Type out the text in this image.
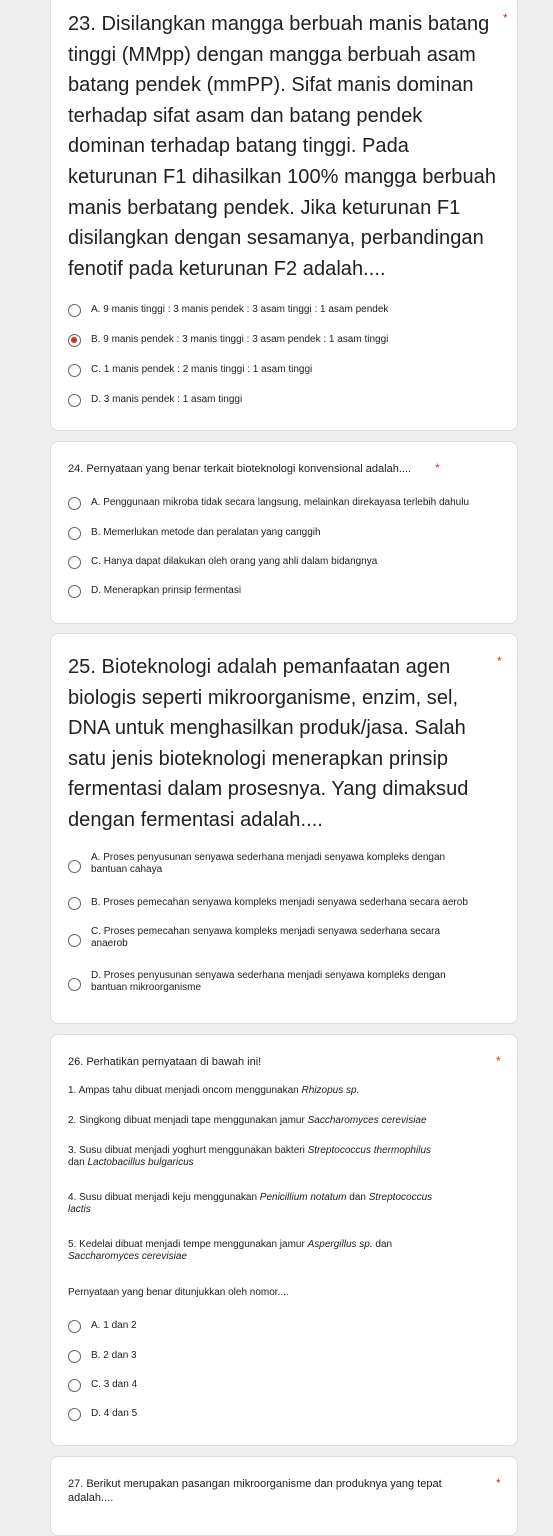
23. Disilangkan mangga berbuah manis batang
tinggi (MMpp) dengan mangga berbuah asam
batang pendek (mmPP). Sifat manis dominan
terhadap sifat asam dan batang pendek
dominan terhadap batang tinggi. Pada
keturunan F1 dihasilkan 100% mangga berbuah
manis berbatang pendek. Jika keturunan F1
disilangkan dengan sesamanya, perbandingan
fenotif pada keturunan F2 adalah....
*
A. 9 manis tinggi : 3 manis pendek : 3 asam tinggi : 1 asam pendek
B. 9 manis pendek : 3 manis tinggi : 3 asam pendek : 1 asam tinggi
C. 1 manis pendek : 2 manis tinggi : 1 asam tinggi
D. 3 manis pendek : 1 asam tinggi
24. Pernyataan yang benar terkait bioteknologi konvensional adalah....	*
A. Penggunaan mikroba tidak secara langsung, melainkan direkayasa terlebih dahulu
B. Memerlukan metode dan peralatan yang canggih
C. Hanya dapat dilakukan oleh orang yang ahli dalam bidangnya
D. Menerapkan prinsip fermentasi
25. Bioteknologi adalah pemanfaatan agen
biologis seperti mikroorganisme, enzim, sel,
DNA untuk menghasilkan produk/jasa. Salah
satu jenis bioteknologi menerapkan prinsip
fermentasi dalam prosesnya. Yang dimaksud
dengan fermentasi adalah....
*
A. Proses penyusunan senyawa sederhana menjadi senyawa kompleks dengan
bantuan cahaya
B. Proses pemecahan senyawa kompleks menjadi senyawa sederhana secara aerob
C. Proses pemecahan senyawa kompleks menjadi senyawa sederhana secara
anaerob
D. Proses penyusunan senyawa sederhana menjadi senyawa kompleks dengan
bantuan mikroorganisme
26. Perhatikan pernyataan di bawah ini!	*
1. Ampas tahu dibuat menjadi oncom menggunakan Rhizopus sp.
2. Singkong dibuat menjadi tape menggunakan jamur Saccharomyces cerevisiae
3. Susu dibuat menjadi yoghurt menggunakan bakteri Streptococcus thermophilus
dan Lactobacillus bulgaricus
4. Susu dibuat menjadi keju menggunakan Penicillium notatum dan Streptococcus
lactis
5. Kedelai dibuat menjadi tempe menggunakan jamur Aspergillus sp. dan
Saccharomyces cerevisiae
Pernyataan yang benar ditunjukkan oleh nomor....
A. 1 dan 2
B. 2 dan 3
C. 3 dan 4
D. 4 dan 5
27. Berikut merupakan pasangan mikroorganisme dan produknya yang tepat
adalah....
*
